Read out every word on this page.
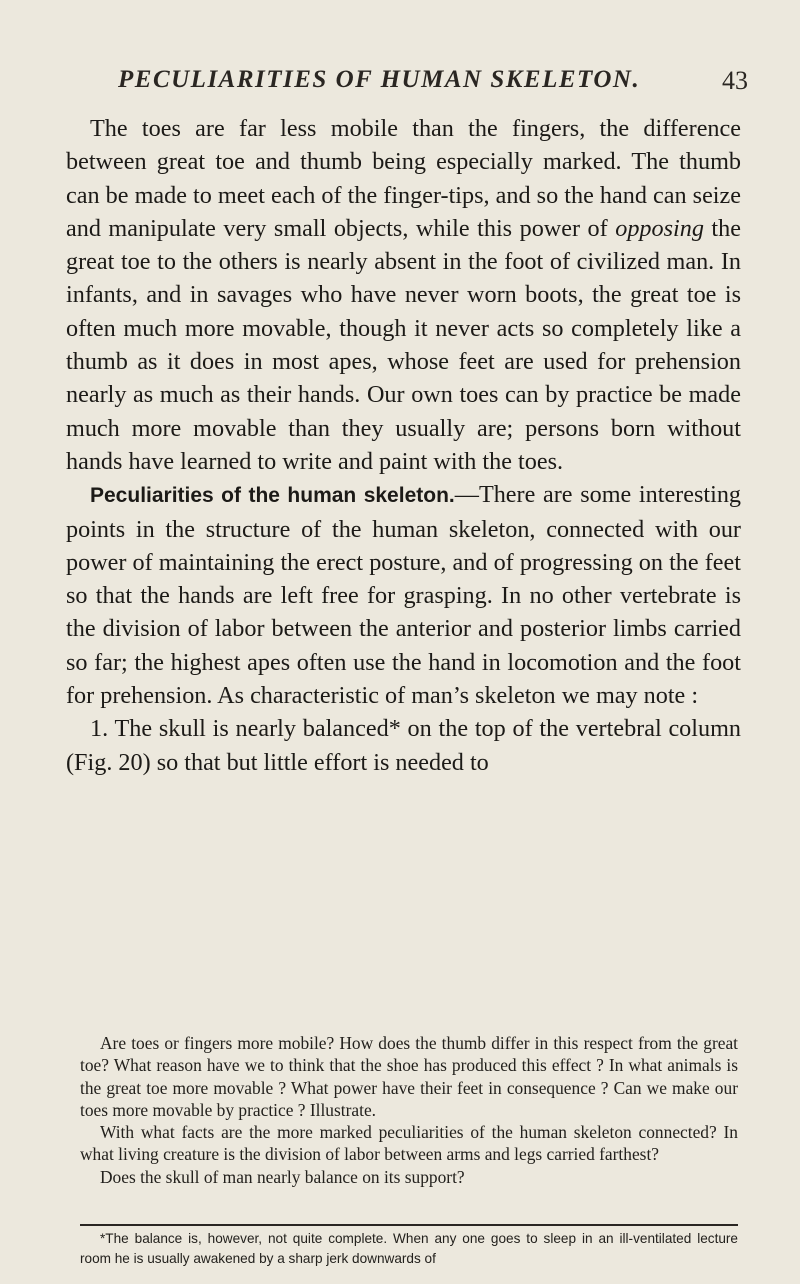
PECULIARITIES OF HUMAN SKELETON.	43

The toes are far less mobile than the fingers, the difference between great toe and thumb being especially marked. The thumb can be made to meet each of the finger-tips, and so the hand can seize and manipulate very small objects, while this power of opposing the great toe to the others is nearly absent in the foot of civilized man. In infants, and in savages who have never worn boots, the great toe is often much more movable, though it never acts so completely like a thumb as it does in most apes, whose feet are used for prehension nearly as much as their hands. Our own toes can by practice be made much more movable than they usually are; persons born without hands have learned to write and paint with the toes.

Peculiarities of the human skeleton.—There are some interesting points in the structure of the human skeleton, connected with our power of maintaining the erect posture, and of progressing on the feet so that the hands are left free for grasping. In no other vertebrate is the division of labor between the anterior and posterior limbs carried so far; the highest apes often use the hand in locomotion and the foot for prehension. As characteristic of man’s skeleton we may note :

1. The skull is nearly balanced* on the top of the vertebral column (Fig. 20) so that but little effort is needed to

Are toes or fingers more mobile? How does the thumb differ in this respect from the great toe? What reason have we to think that the shoe has produced this effect ? In what animals is the great toe more movable ? What power have their feet in consequence ? Can we make our toes more movable by practice ? Illustrate.

With what facts are the more marked peculiarities of the human skeleton connected? In what living creature is the division of labor between arms and legs carried farthest?

Does the skull of man nearly balance on its support?

*The balance is, however, not quite complete. When any one goes to sleep in an ill-ventilated lecture room he is usually awakened by a sharp jerk downwards of
